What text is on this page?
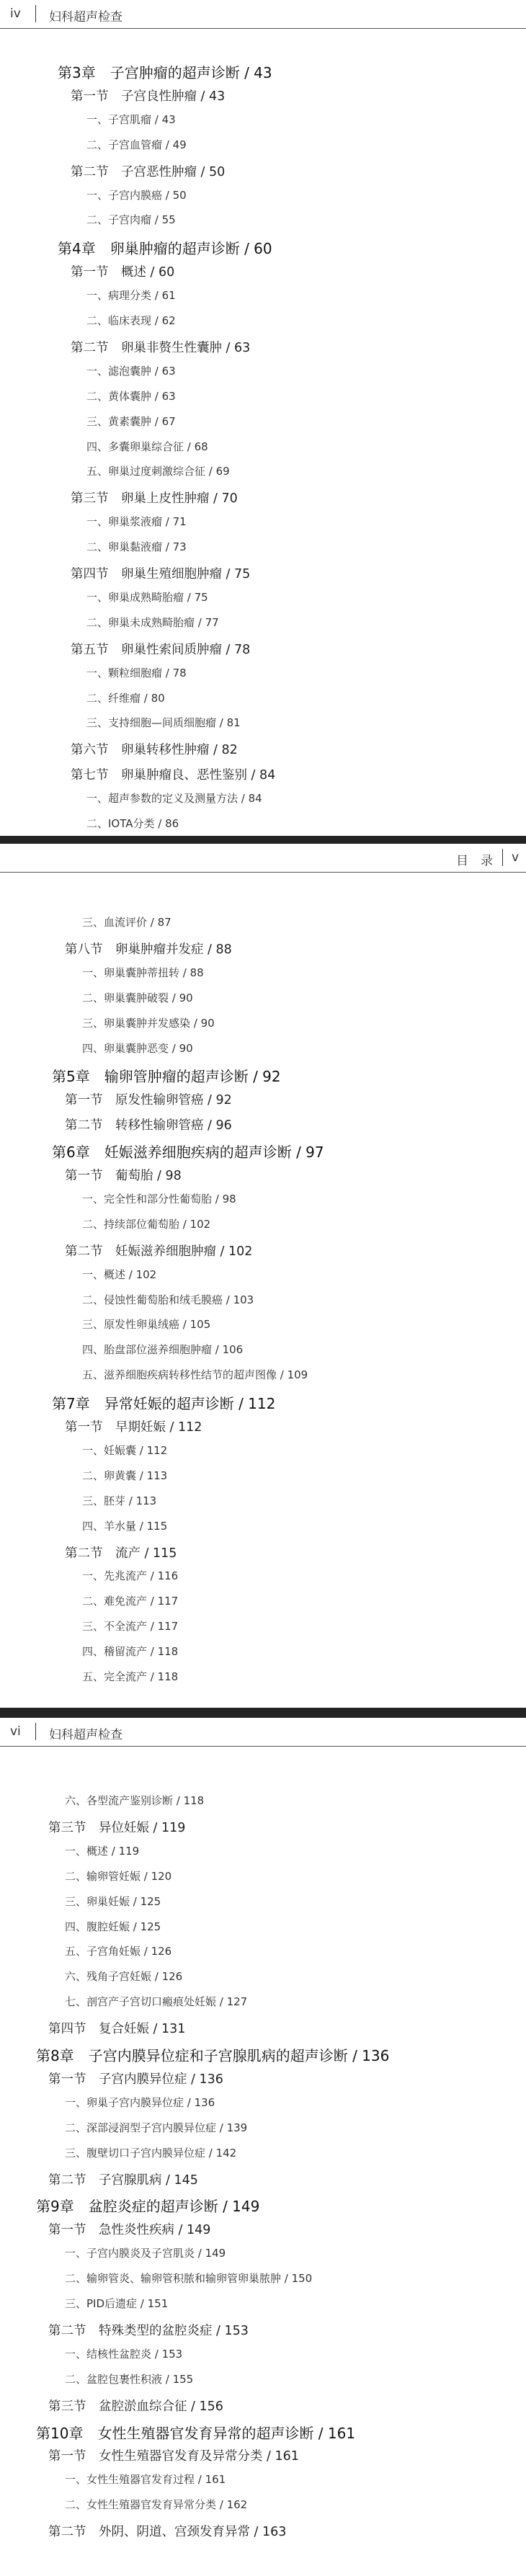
iv 妇科超声检查
第3章　子宫肿瘤的超声诊断 / 43
第一节　子宫良性肿瘤 / 43
一、子宫肌瘤 / 43
二、子宫血管瘤 / 49
第二节　子宫恶性肿瘤 / 50
一、子宫内膜癌 / 50
二、子宫肉瘤 / 55
第4章　卵巢肿瘤的超声诊断 / 60
第一节　概述 / 60
一、病理分类 / 61
二、临床表现 / 62
第二节　卵巢非赘生性囊肿 / 63
一、滤泡囊肿 / 63
二、黄体囊肿 / 63
三、黄素囊肿 / 67
四、多囊卵巢综合征 / 68
五、卵巢过度刺激综合征 / 69
第三节　卵巢上皮性肿瘤 / 70
一、卵巢浆液瘤 / 71
二、卵巢黏液瘤 / 73
第四节　卵巢生殖细胞肿瘤 / 75
一、卵巢成熟畸胎瘤 / 75
二、卵巢未成熟畸胎瘤 / 77
第五节　卵巢性索间质肿瘤 / 78
一、颗粒细胞瘤 / 78
二、纤维瘤 / 80
三、支持细胞—间质细胞瘤 / 81
第六节　卵巢转移性肿瘤 / 82
第七节　卵巢肿瘤良、恶性鉴别 / 84
一、超声参数的定义及测量方法 / 84
二、IOTA分类 / 86
目　录 v
三、血流评价 / 87
第八节　卵巢肿瘤并发症 / 88
一、卵巢囊肿蒂扭转 / 88
二、卵巢囊肿破裂 / 90
三、卵巢囊肿并发感染 / 90
四、卵巢囊肿恶变 / 90
第5章　输卵管肿瘤的超声诊断 / 92
第一节　原发性输卵管癌 / 92
第二节　转移性输卵管癌 / 96
第6章　妊娠滋养细胞疾病的超声诊断 / 97
第一节　葡萄胎 / 98
一、完全性和部分性葡萄胎 / 98
二、持续部位葡萄胎 / 102
第二节　妊娠滋养细胞肿瘤 / 102
一、概述 / 102
二、侵蚀性葡萄胎和绒毛膜癌 / 103
三、原发性卵巢绒癌 / 105
四、胎盘部位滋养细胞肿瘤 / 106
五、滋养细胞疾病转移性结节的超声图像 / 109
第7章　异常妊娠的超声诊断 / 112
第一节　早期妊娠 / 112
一、妊娠囊 / 112
二、卵黄囊 / 113
三、胚芽 / 113
四、羊水量 / 115
第二节　流产 / 115
一、先兆流产 / 116
二、难免流产 / 117
三、不全流产 / 117
四、稽留流产 / 118
五、完全流产 / 118
vi 妇科超声检查
六、各型流产鉴别诊断 / 118
第三节　异位妊娠 / 119
一、概述 / 119
二、输卵管妊娠 / 120
三、卵巢妊娠 / 125
四、腹腔妊娠 / 125
五、子宫角妊娠 / 126
六、残角子宫妊娠 / 126
七、剖宫产子宫切口瘢痕处妊娠 / 127
第四节　复合妊娠 / 131
第8章　子宫内膜异位症和子宫腺肌病的超声诊断 / 136
第一节　子宫内膜异位症 / 136
一、卵巢子宫内膜异位症 / 136
二、深部浸润型子宫内膜异位症 / 139
三、腹壁切口子宫内膜异位症 / 142
第二节　子宫腺肌病 / 145
第9章　盆腔炎症的超声诊断 / 149
第一节　急性炎性疾病 / 149
一、子宫内膜炎及子宫肌炎 / 149
二、输卵管炎、输卵管积脓和输卵管卵巢脓肿 / 150
三、PID后遗症 / 151
第二节　特殊类型的盆腔炎症 / 153
一、结核性盆腔炎 / 153
二、盆腔包裹性积液 / 155
第三节　盆腔淤血综合征 / 156
第10章　女性生殖器官发育异常的超声诊断 / 161
第一节　女性生殖器官发育及异常分类 / 161
一、女性生殖器官发育过程 / 161
二、女性生殖器官发育异常分类 / 162
第二节　外阴、阴道、宫颈发育异常 / 163
